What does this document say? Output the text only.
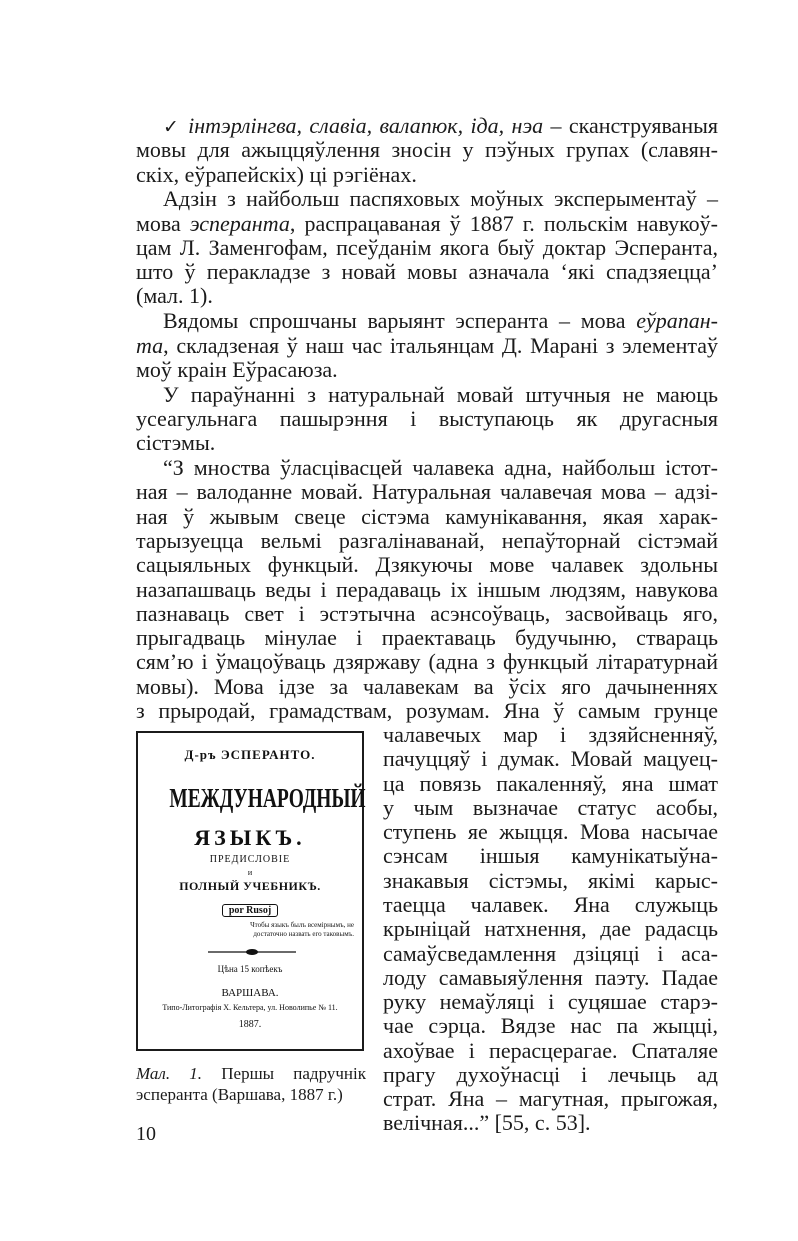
✓ інтэрлінгва, славіа, валапюк, іда, нэа – сканструяваныя
мовы для ажыццяўлення зносін у пэўных групах (славян-
скіх, еўрапейскіх) ці рэгіёнах.
Адзін з найбольш паспяховых моўных эксперыментаў –
мова эсперанта, распрацаваная ў 1887 г. польскім навукоў-
цам Л. Заменгофам, псеўданім якога быў доктар Эсперанта,
што ў перакладзе з новай мовы азначала ‘які спадзяецца’
(мал. 1).
Вядомы спрошчаны варыянт эсперанта – мова еўрапан-
та, складзеная ў наш час італьянцам Д. Марані з элементаў
моў краін Еўрасаюза.
У параўнанні з натуральнай мовай штучныя не маюць
усеагульнага пашырэння і выступаюць як другасныя
сістэмы.
“З мноства ўласцівасцей чалавека адна, найбольш істот-
ная – валоданне мовай. Натуральная чалавечая мова – адзі-
ная ў жывым свеце сістэма камунікавання, якая харак-
тарызуецца вельмі разгалінаванай, непаўторнай сістэмай
сацыяльных функцый. Дзякуючы мове чалавек здольны
назапашваць веды і перадаваць іх іншым людзям, навукова
пазнаваць свет і эстэтычна асэнсоўваць, засвойваць яго,
прыгадваць мінулае і праектаваць будучыню, ствараць
сям’ю і ўмацоўваць дзяржаву (адна з функцый літаратурнай
мовы). Мова ідзе за чалавекам ва ўсіх яго дачыненнях
з прыродай, грамадствам, розумам. Яна ў самым грунце
чалавечых мар і здзяйсненняў,
пачуццяў і думак. Мовай мацуец-
ца повязь пакаленняў, яна шмат
у чым вызначае статус асобы,
ступень яе жыцця. Мова насычае
сэнсам іншыя камунікатыўна-
знакавыя сістэмы, якімі карыс-
таецца чалавек. Яна служыць
крыніцай натхнення, дае радасць
самаўсведамлення дзіцяці і аса-
лоду самавыяўлення паэту. Падае
руку немаўляці і суцяшае старэ-
чае сэрца. Вядзе нас па жыцці,
ахоўвае і перасцерагае. Спаталяе
прагу духоўнасці і лечыць ад
страт. Яна – магутная, прыгожая,
велічная...” [55, с. 53].
Д-ръ ЭСПЕРАНТО.
МЕЖДУНАРОДНЫЙ
ЯЗЫКЪ.
ПРЕДИСЛОВІЕ
и
ПОЛНЫЙ УЧЕБНИКЪ.
por Rusoj
Чтобы языкъ былъ всемірнымъ, не
достаточно назвать его таковымъ.
Цѣна 15 копѣекъ
ВАРШАВА.
Типо-Литографія Х. Кельтера, ул. Новолипье № 11.
1887.
Мал. 1. Першы падручнік
эсперанта (Варшава, 1887 г.)
10
